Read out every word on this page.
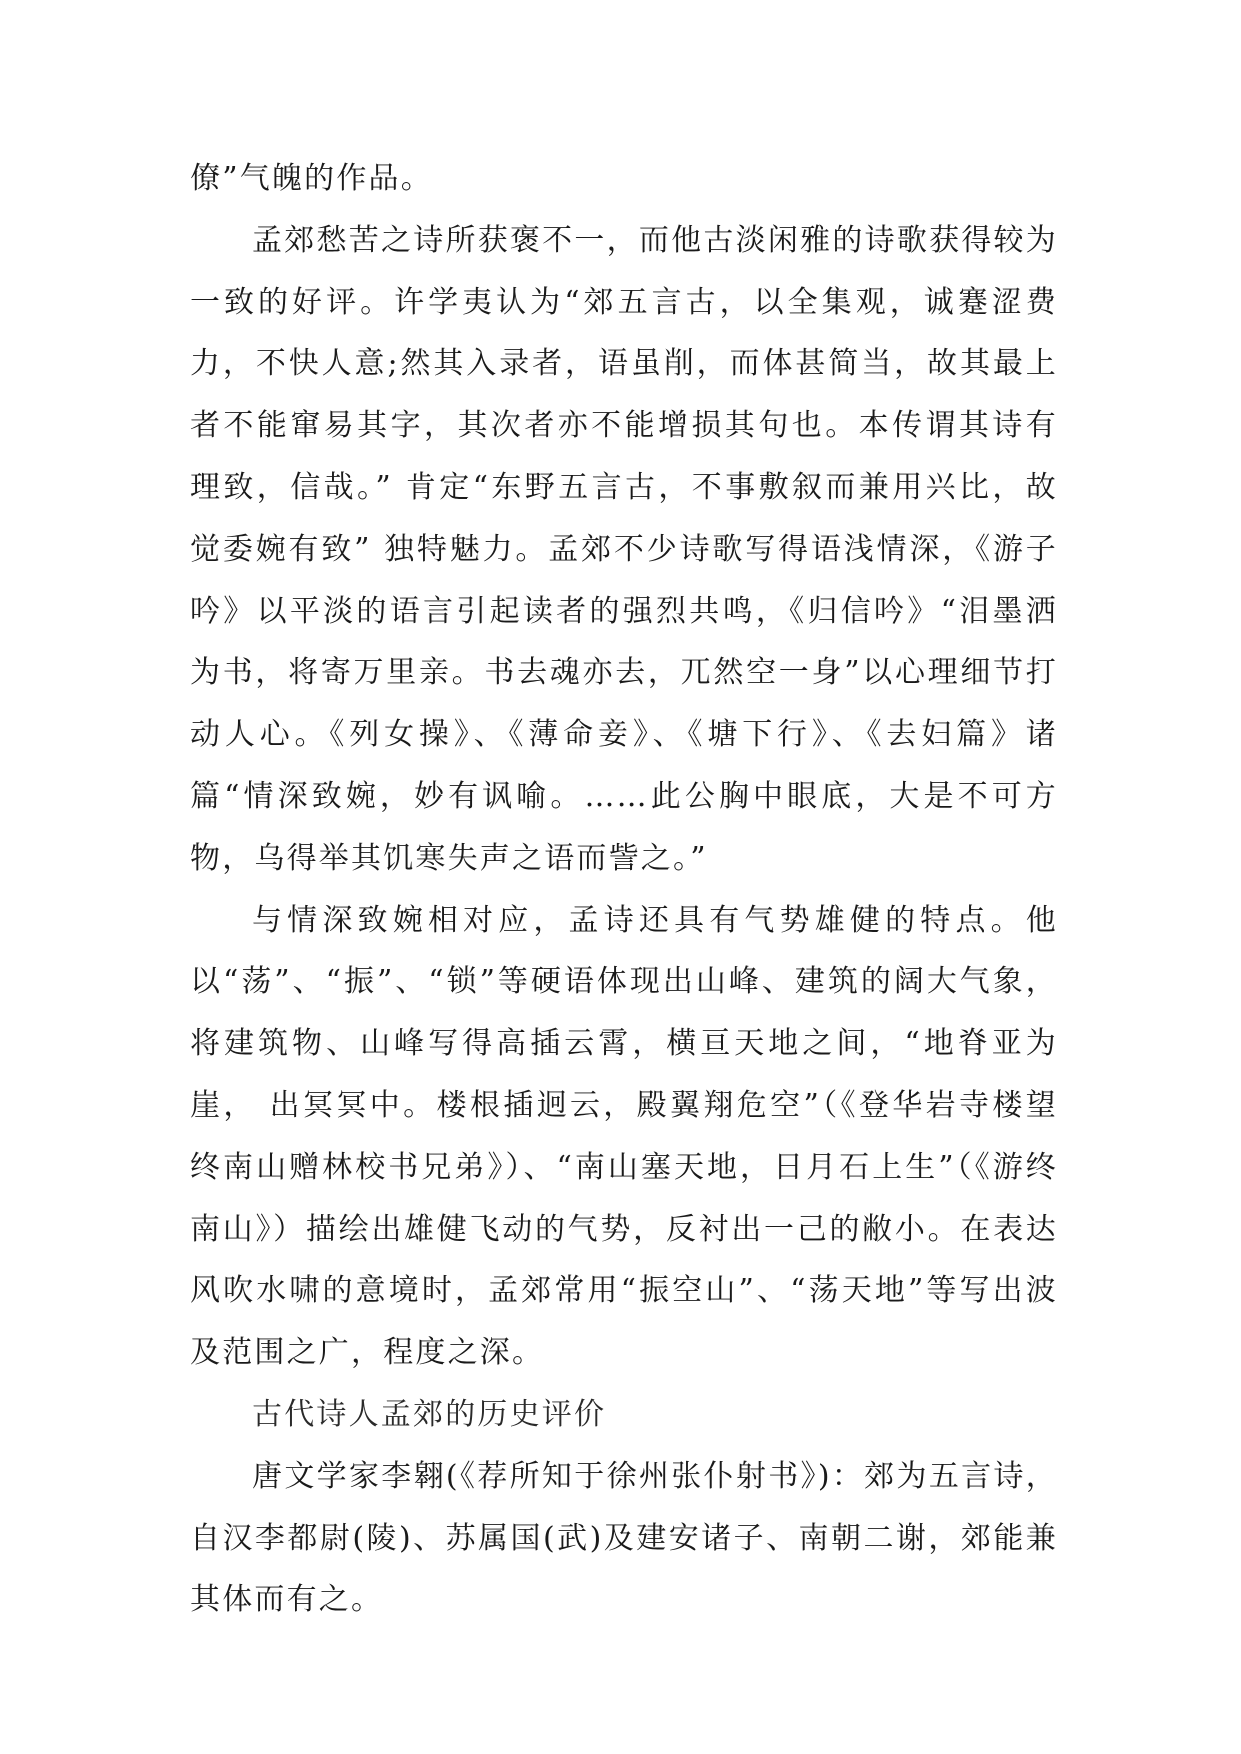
僚”气魄的作品。

孟郊愁苦之诗所获褒不一，而他古淡闲雅的诗歌获得较为一致的好评。许学夷认为“郊五言古，以全集观，诚蹇涩费力，不快人意;然其入录者，语虽削，而体甚简当，故其最上者不能窜易其字，其次者亦不能增损其句也。本传谓其诗有理致，信哉。” 肯定“东野五言古，不事敷叙而兼用兴比，故觉委婉有致” 独特魅力。孟郊不少诗歌写得语浅情深，《游子吟》以平淡的语言引起读者的强烈共鸣，《归信吟》“泪墨洒为书，将寄万里亲。书去魂亦去，兀然空一身”以心理细节打动人心。《列女操》、《薄命妾》、《塘下行》、《去妇篇》诸篇“情深致婉，妙有讽喻。……此公胸中眼底，大是不可方物，乌得举其饥寒失声之语而訾之。”

与情深致婉相对应，孟诗还具有气势雄健的特点。他以“荡”、“振”、“锁”等硬语体现出山峰、建筑的阔大气象，将建筑物、山峰写得高插云霄，横亘天地之间，“地脊亚为崖， 出冥冥中。楼根插迥云，殿翼翔危空”（《登华岩寺楼望终南山赠林校书兄弟》）、“南山塞天地，日月石上生”（《游终南山》）描绘出雄健飞动的气势，反衬出一己的敝小。在表达风吹水啸的意境时，孟郊常用“振空山”、“荡天地”等写出波及范围之广，程度之深。

古代诗人孟郊的历史评价

唐文学家李翱(《荐所知于徐州张仆射书》)：郊为五言诗，自汉李都尉(陵)、苏属国(武)及建安诸子、南朝二谢，郊能兼其体而有之。
